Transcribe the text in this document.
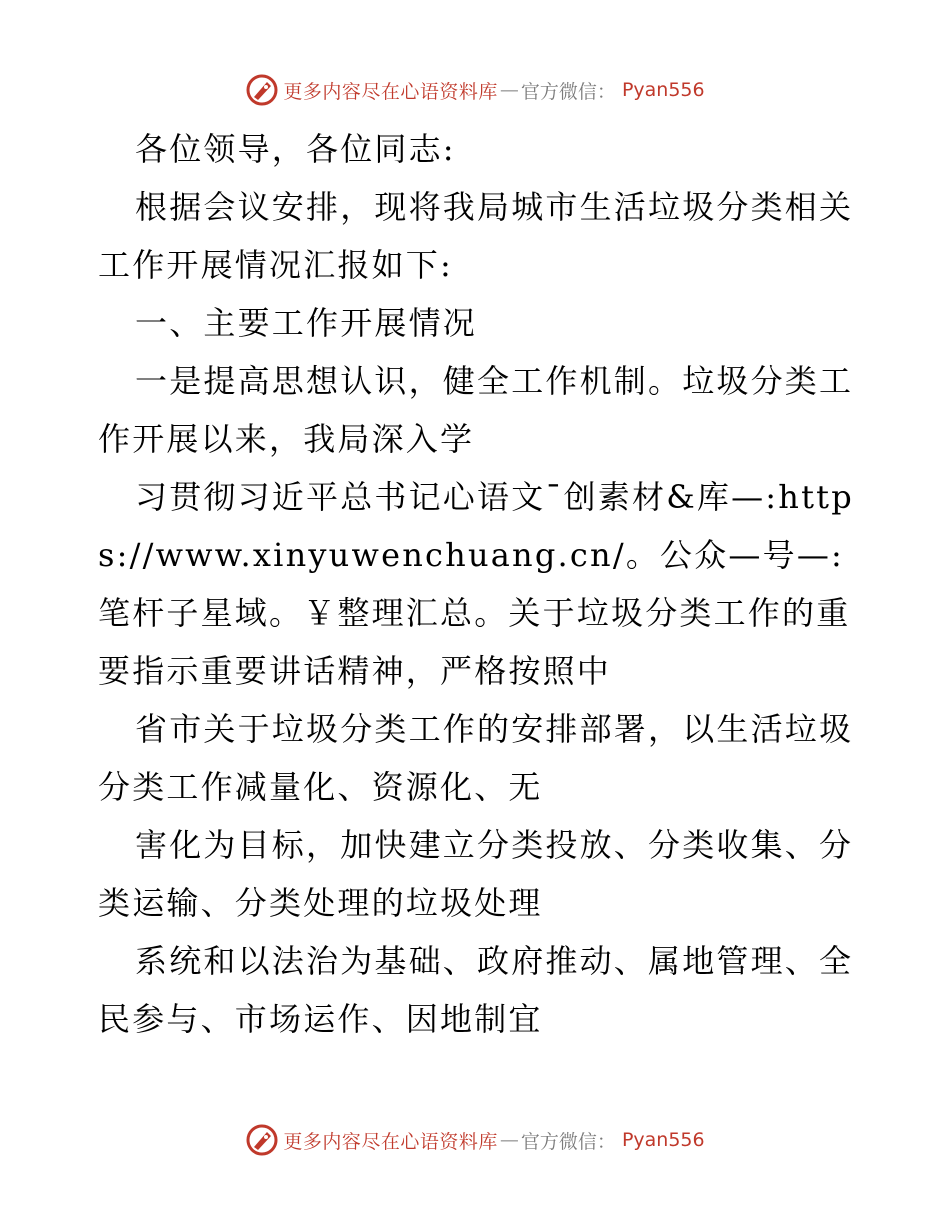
更多内容尽在心语资料库 — 官方微信 ： Pyan556

各位领导，各位同志:

根据会议安排，现将我局城市生活垃圾分类相关工作开展情况汇报如下:

一、主要工作开展情况

一是提高思想认识，健全工作机制。垃圾分类工作开展以来，我局深入学

习贯彻习近平总书记心语文¯创素材&库—:https://www.xinyuwenchuang.cn/。公众—号—:笔杆子星域。￥整理汇总。关于垃圾分类工作的重要指示重要讲话精神，严格按照中

省市关于垃圾分类工作的安排部署，以生活垃圾分类工作减量化、资源化、无

害化为目标，加快建立分类投放、分类收集、分类运输、分类处理的垃圾处理

系统和以法治为基础、政府推动、属地管理、全民参与、市场运作、因地制宜

更多内容尽在心语资料库 — 官方微信 ： Pyan556
